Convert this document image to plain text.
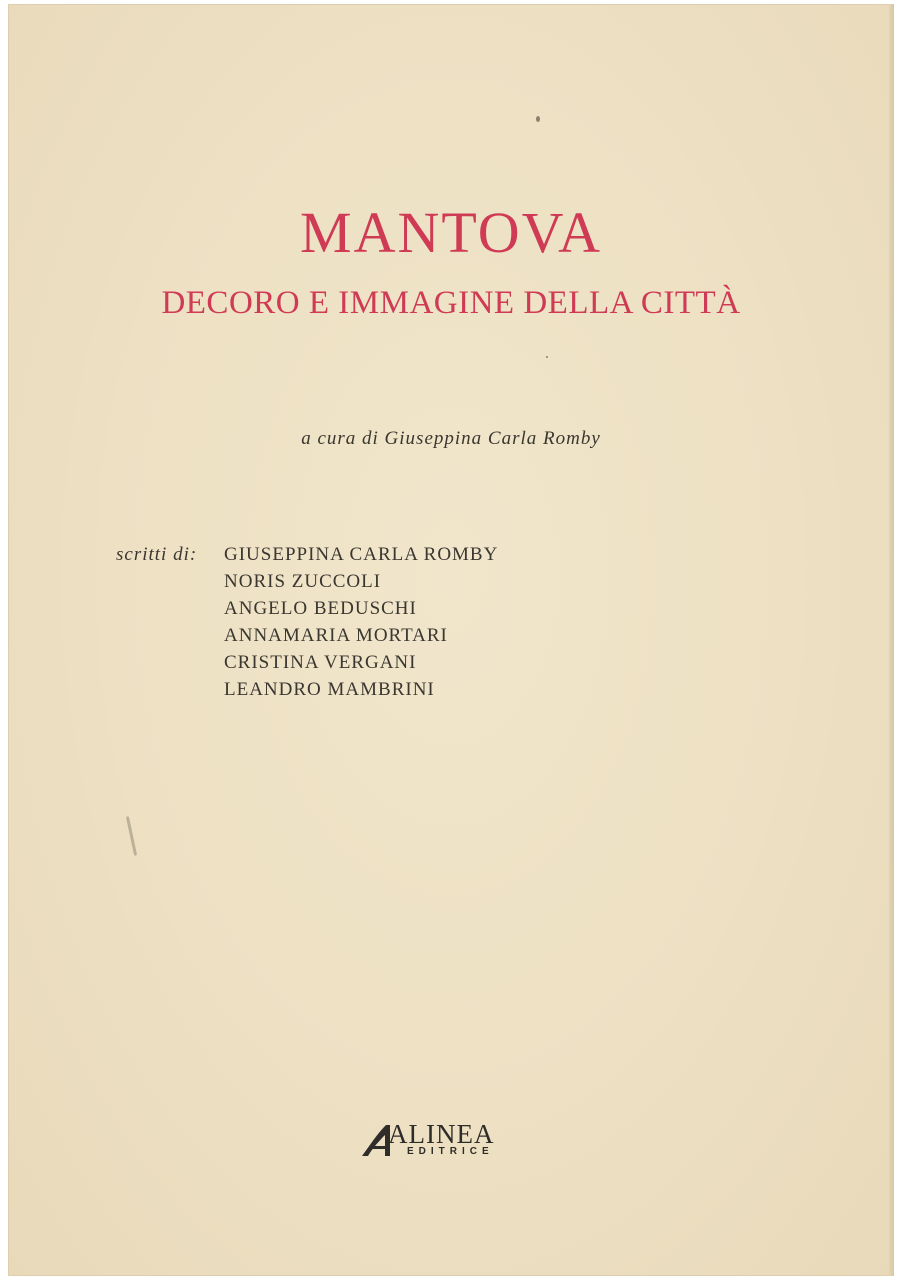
MANTOVA
DECORO E IMMAGINE DELLA CITTÀ
a cura di Giuseppina Carla Romby
scritti di: GIUSEPPINA CARLA ROMBY
NORIS ZUCCOLI
ANGELO BEDUSCHI
ANNAMARIA MORTARI
CRISTINA VERGANI
LEANDRO MAMBRINI
ALINEA
EDITRICE
